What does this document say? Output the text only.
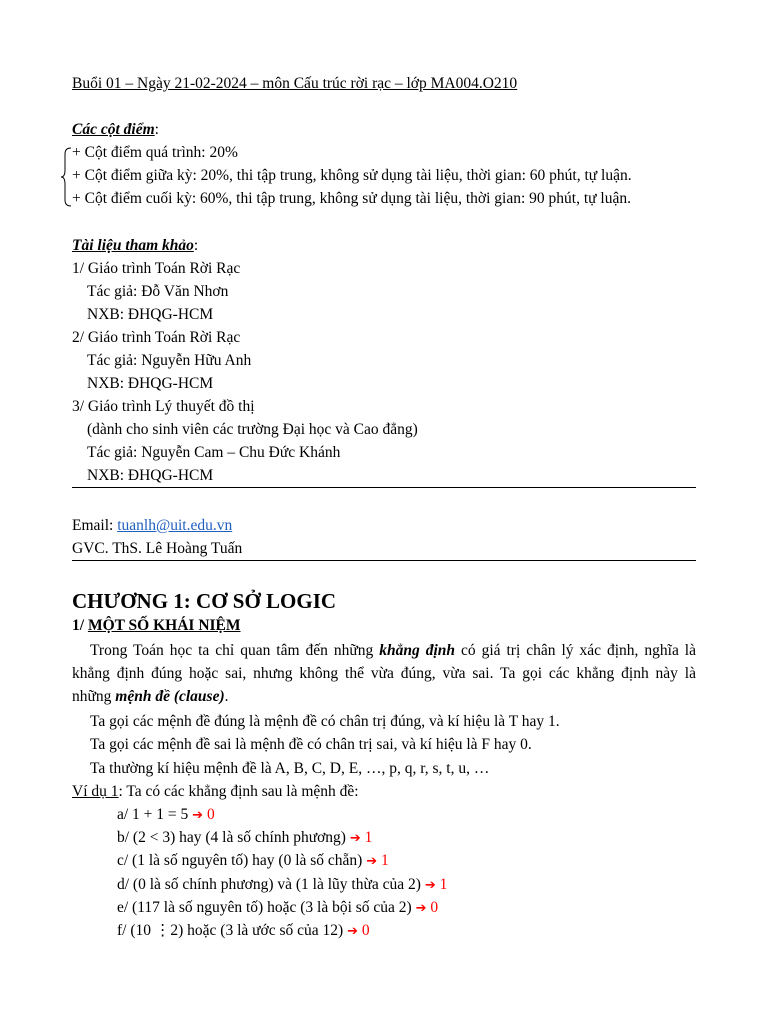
Buổi 01 – Ngày 21-02-2024 – môn Cấu trúc rời rạc – lớp MA004.O210
Các cột điểm:
+ Cột điểm quá trình: 20%
+ Cột điểm giữa kỳ: 20%, thi tập trung, không sử dụng tài liệu, thời gian: 60 phút, tự luận.
+ Cột điểm cuối kỳ: 60%, thi tập trung, không sử dụng tài liệu, thời gian: 90 phút, tự luận.
Tài liệu tham khảo:
1/ Giáo trình Toán Rời Rạc
Tác giả: Đỗ Văn Nhơn
NXB: ĐHQG-HCM
2/ Giáo trình Toán Rời Rạc
Tác giả: Nguyễn Hữu Anh
NXB: ĐHQG-HCM
3/ Giáo trình Lý thuyết đồ thị
(dành cho sinh viên các trường Đại học và Cao đẳng)
Tác giả: Nguyễn Cam – Chu Đức Khánh
NXB: ĐHQG-HCM
Email: tuanlh@uit.edu.vn
GVC. ThS. Lê Hoàng Tuấn
CHƯƠNG 1: CƠ SỞ LOGIC
1/ MỘT SỐ KHÁI NIỆM
Trong Toán học ta chỉ quan tâm đến những khẳng định có giá trị chân lý xác định, nghĩa là
khẳng định đúng hoặc sai, nhưng không thể vừa đúng, vừa sai. Ta gọi các khẳng định này là
những mệnh đề (clause).
Ta gọi các mệnh đề đúng là mệnh đề có chân trị đúng, và kí hiệu là T hay 1.
Ta gọi các mệnh đề sai là mệnh đề có chân trị sai, và kí hiệu là F hay 0.
Ta thường kí hiệu mệnh đề là A, B, C, D, E, …, p, q, r, s, t, u, …
Ví dụ 1: Ta có các khẳng định sau là mệnh đề:
a/ 1 + 1 = 5 ➔ 0
b/ (2 < 3) hay (4 là số chính phương) ➔ 1
c/ (1 là số nguyên tố) hay (0 là số chẵn) ➔ 1
d/ (0 là số chính phương) và (1 là lũy thừa của 2) ➔ 1
e/ (117 là số nguyên tố) hoặc (3 là bội số của 2) ➔ 0
f/ (10 ⋮2) hoặc (3 là ước số của 12) ➔ 0
